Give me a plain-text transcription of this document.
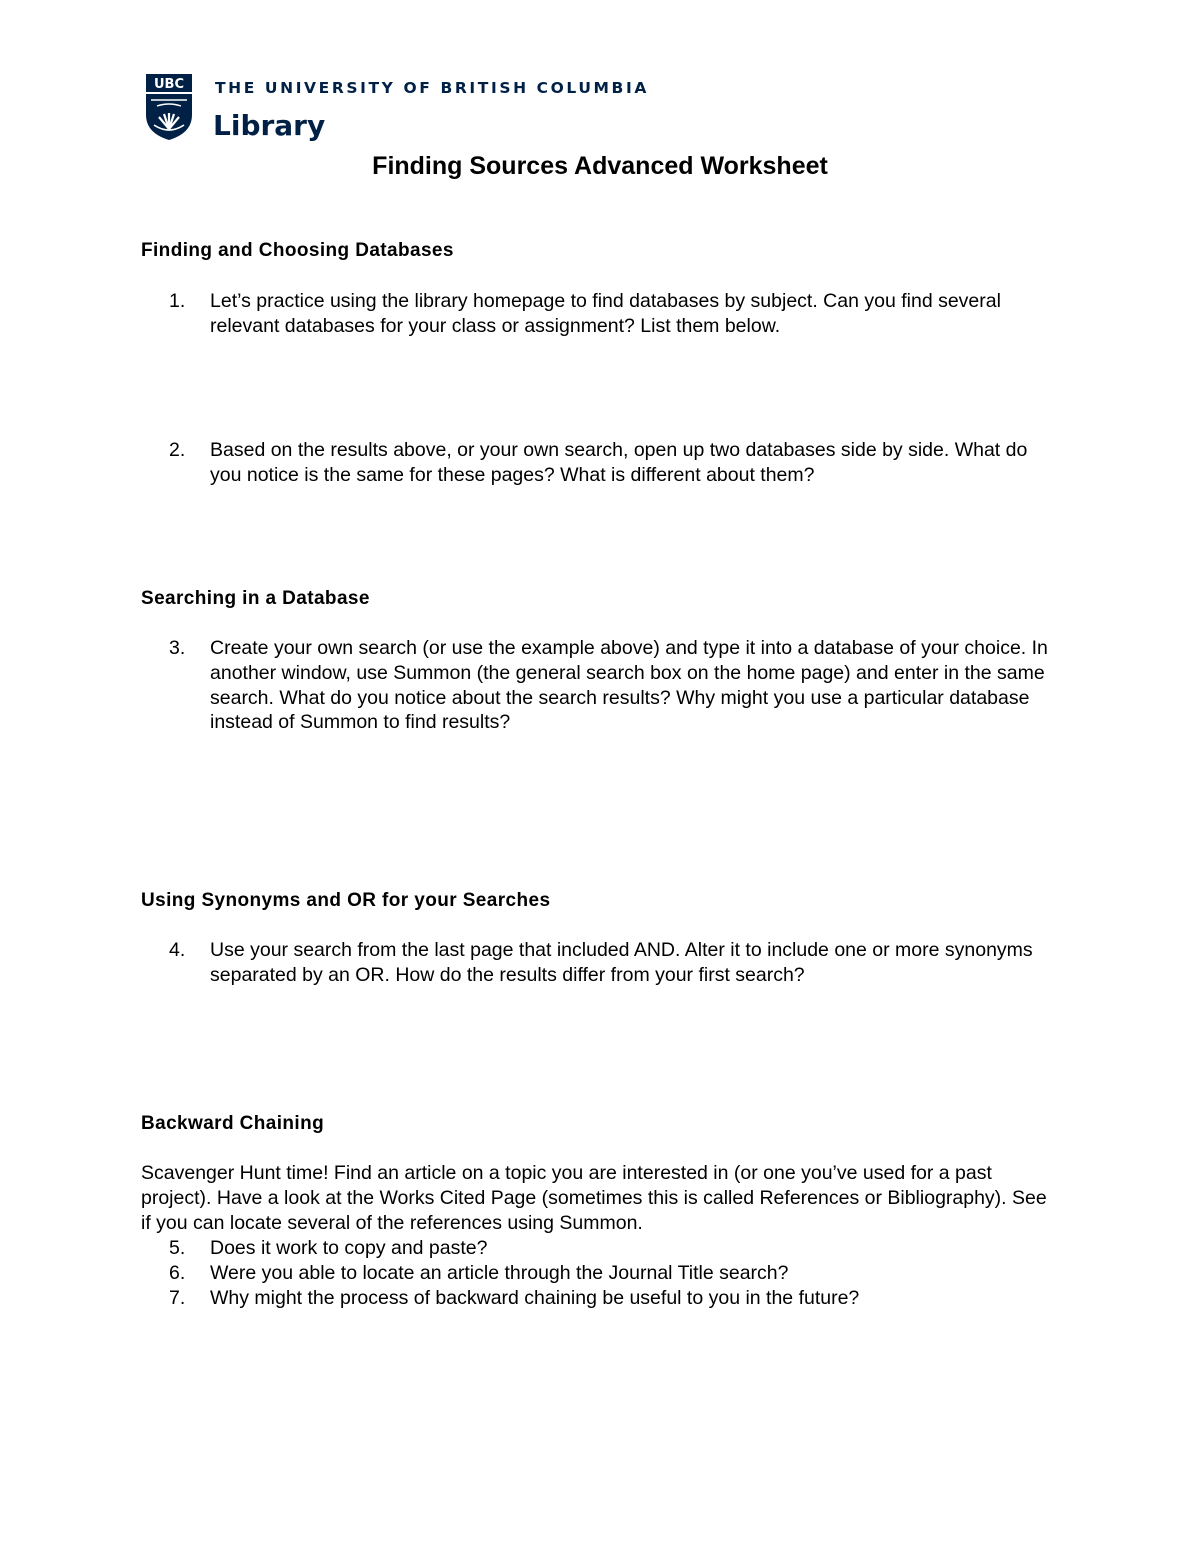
UBC THE UNIVERSITY OF BRITISH COLUMBIA
Library
Finding Sources Advanced Worksheet
Finding and Choosing Databases
1.	Let’s practice using the library homepage to find databases by subject. Can you find several relevant databases for your class or assignment? List them below.
2.	Based on the results above, or your own search, open up two databases side by side. What do you notice is the same for these pages? What is different about them?
Searching in a Database
3.	Create your own search (or use the example above) and type it into a database of your choice. In another window, use Summon (the general search box on the home page) and enter in the same search. What do you notice about the search results? Why might you use a particular database instead of Summon to find results?
Using Synonyms and OR for your Searches
4.	Use your search from the last page that included AND. Alter it to include one or more synonyms separated by an OR. How do the results differ from your first search?
Backward Chaining

Scavenger Hunt time! Find an article on a topic you are interested in (or one you’ve used for a past project). Have a look at the Works Cited Page (sometimes this is called References or Bibliography). See if you can locate several of the references using Summon.

5.	Does it work to copy and paste?
6.	Were you able to locate an article through the Journal Title search?
7.	Why might the process of backward chaining be useful to you in the future?
